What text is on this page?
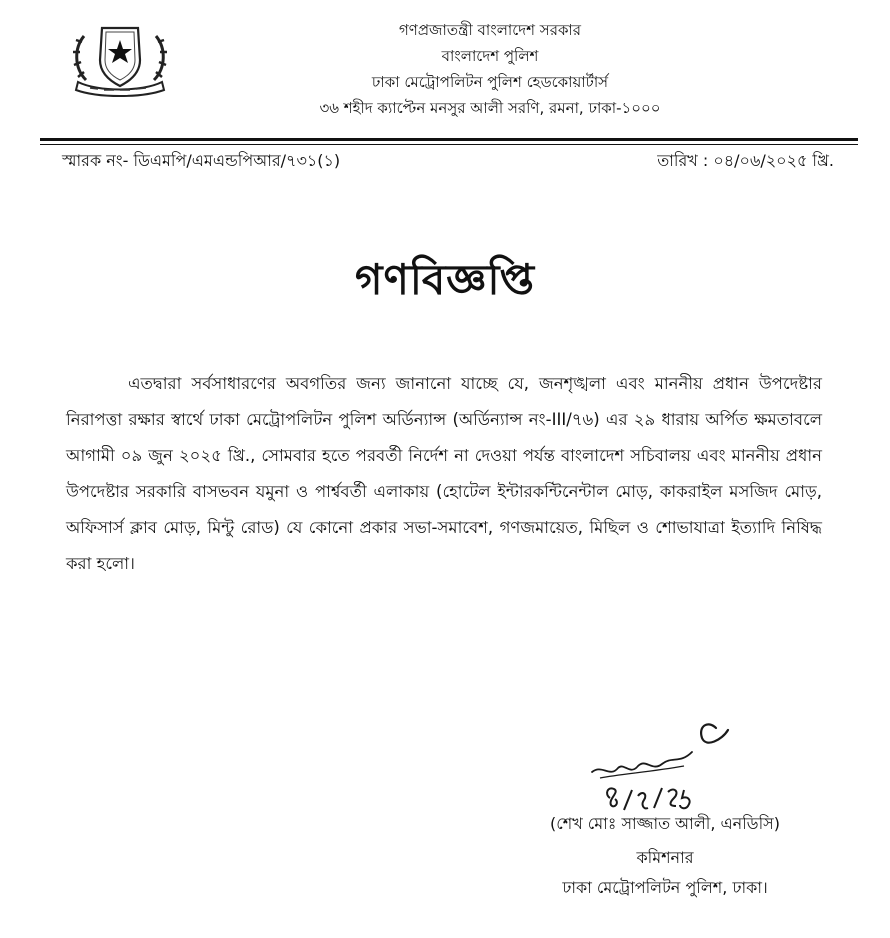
গণপ্রজাতন্ত্রী বাংলাদেশ সরকার
বাংলাদেশ পুলিশ
ঢাকা মেট্রোপলিটন পুলিশ হেডকোয়ার্টার্স
৩৬ শহীদ ক্যাপ্টেন মনসুর আলী সরণি, রমনা, ঢাকা-১০০০
স্মারক নং- ডিএমপি/এমএন্ডপিআর/৭৩১(১)	তারিখ : ০৪/০৬/২০২৫ খ্রি.
গণবিজ্ঞপ্তি
এতদ্বারা সর্বসাধারণের অবগতির জন্য জানানো যাচ্ছে যে, জনশৃঙ্খলা এবং মাননীয় প্রধান উপদেষ্টার নিরাপত্তা রক্ষার স্বার্থে ঢাকা মেট্রোপলিটন পুলিশ অর্ডিন্যান্স (অর্ডিন্যান্স নং-III/৭৬) এর ২৯ ধারায় অর্পিত ক্ষমতাবলে আগামী ০৯ জুন ২০২৫ খ্রি., সোমবার হতে পরবর্তী নির্দেশ না দেওয়া পর্যন্ত বাংলাদেশ সচিবালয় এবং মাননীয় প্রধান উপদেষ্টার সরকারি বাসভবন যমুনা ও পার্শ্ববর্তী এলাকায় (হোটেল ইন্টারকন্টিনেন্টাল মোড়, কাকরাইল মসজিদ মোড়, অফিসার্স ক্লাব মোড়, মিন্টু রোড) যে কোনো প্রকার সভা-সমাবেশ, গণজমায়েত, মিছিল ও শোভাযাত্রা ইত্যাদি নিষিদ্ধ করা হলো।
(শেখ মোঃ সাজ্জাত আলী, এনডিসি)
কমিশনার
ঢাকা মেট্রোপলিটন পুলিশ, ঢাকা।
